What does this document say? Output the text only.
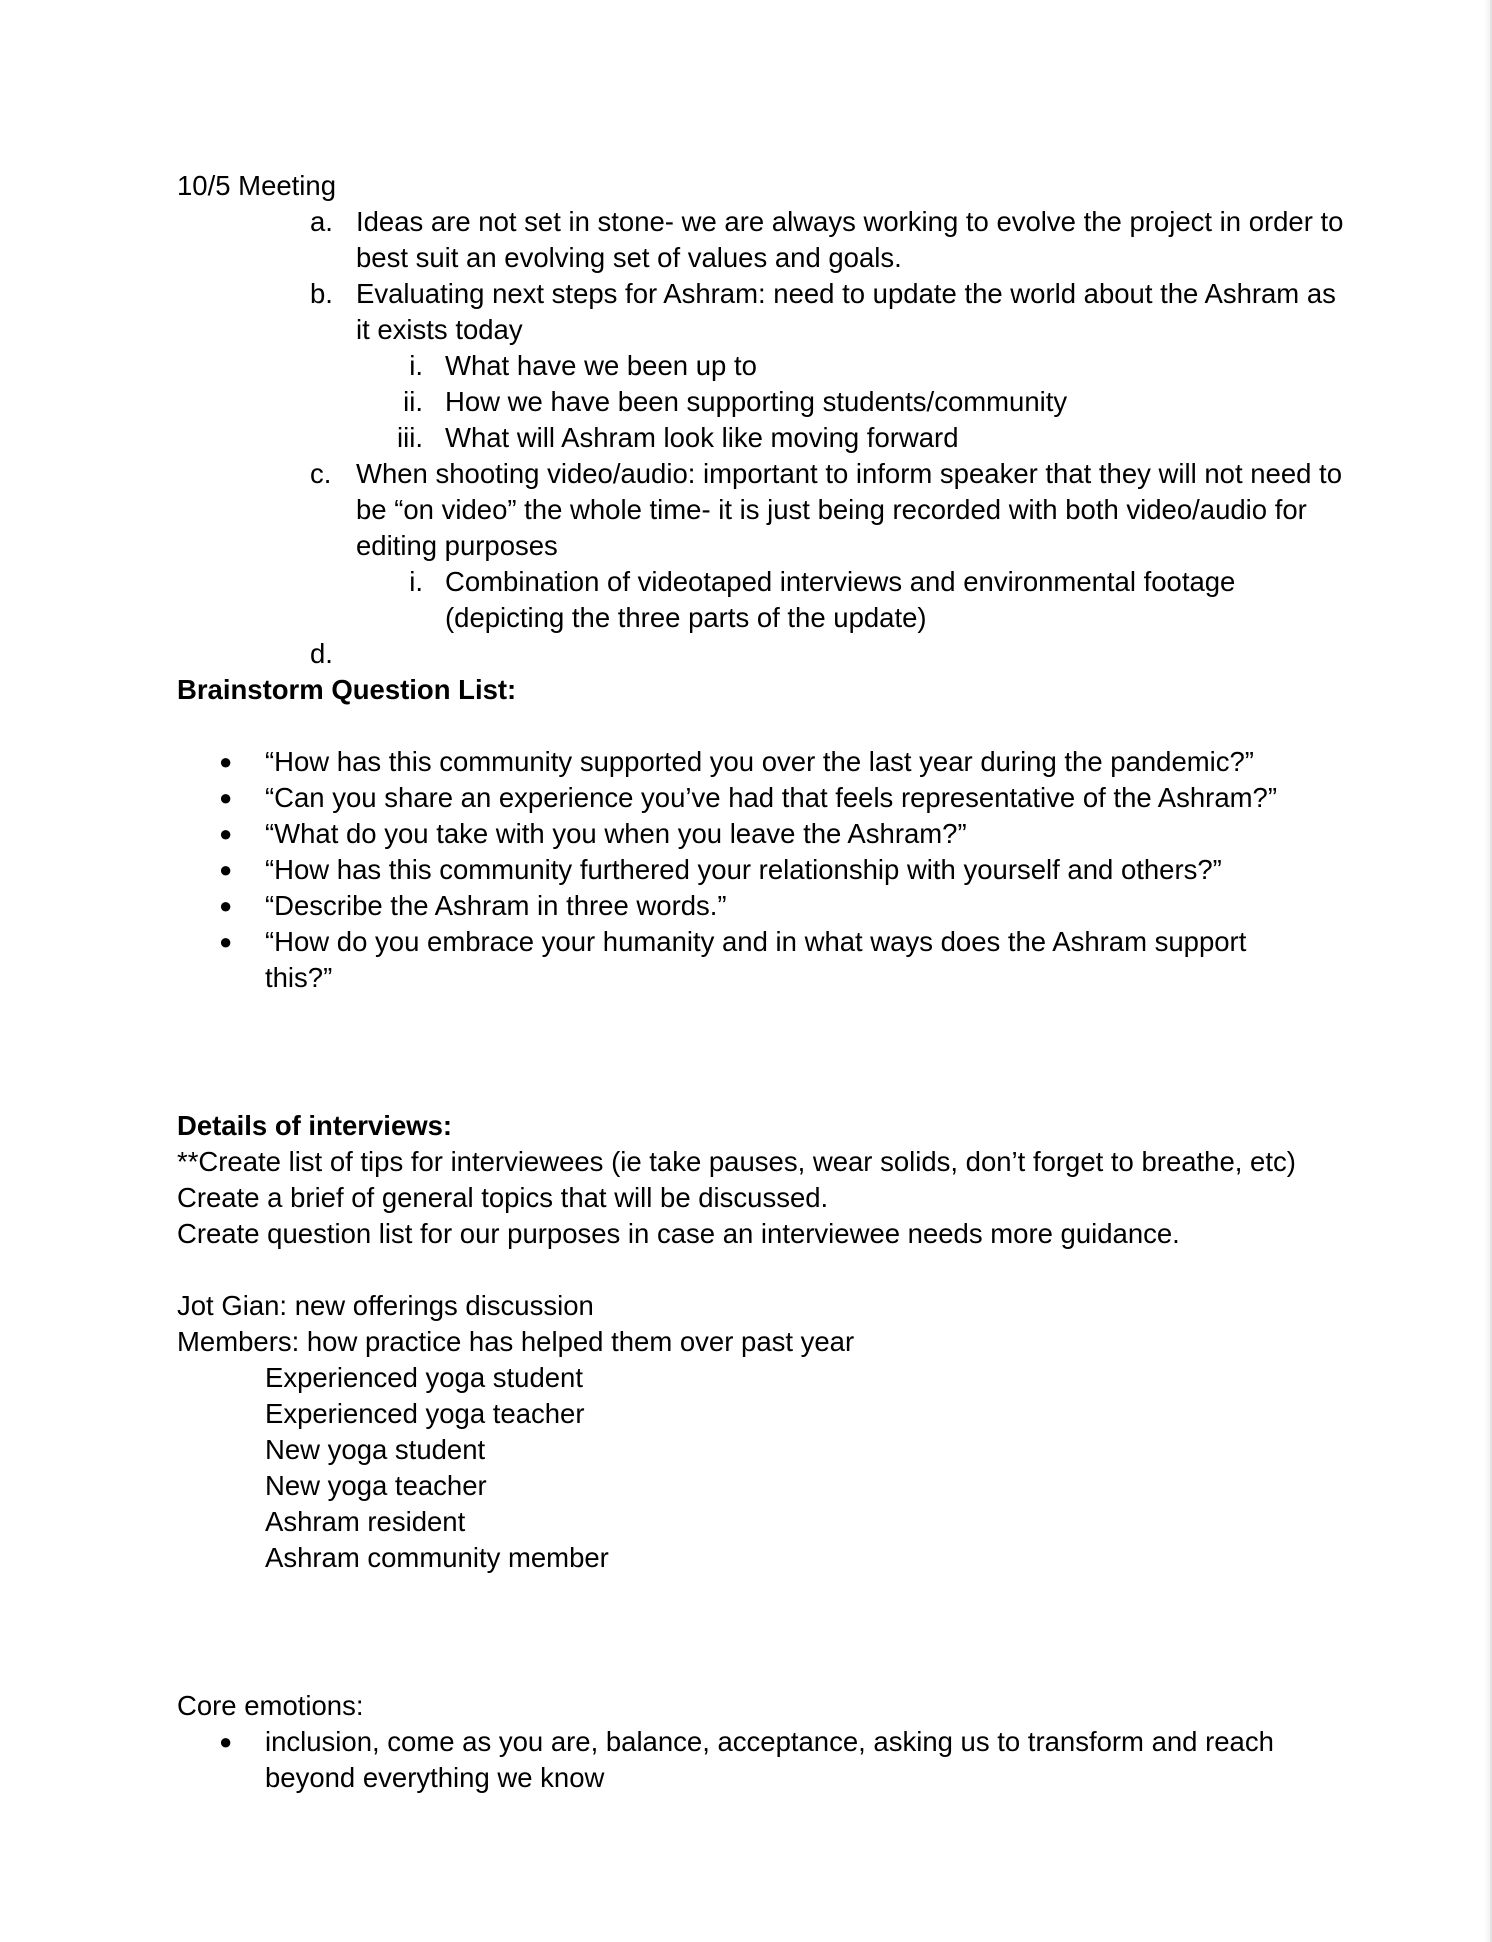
10/5 Meeting

a. Ideas are not set in stone- we are always working to evolve the project in order to best suit an evolving set of values and goals.
b. Evaluating next steps for Ashram: need to update the world about the Ashram as it exists today
i. What have we been up to
ii. How we have been supporting students/community
iii. What will Ashram look like moving forward
c. When shooting video/audio: important to inform speaker that they will not need to be “on video” the whole time- it is just being recorded with both video/audio for editing purposes
i. Combination of videotaped interviews and environmental footage (depicting the three parts of the update)
d.

Brainstorm Question List:

● “How has this community supported you over the last year during the pandemic?”
● “Can you share an experience you’ve had that feels representative of the Ashram?”
● “What do you take with you when you leave the Ashram?”
● “How has this community furthered your relationship with yourself and others?”
● “Describe the Ashram in three words.”
● “How do you embrace your humanity and in what ways does the Ashram support this?”

Details of interviews:

**Create list of tips for interviewees (ie take pauses, wear solids, don’t forget to breathe, etc)

Create a brief of general topics that will be discussed.

Create question list for our purposes in case an interviewee needs more guidance.

Jot Gian: new offerings discussion

Members: how practice has helped them over past year

Experienced yoga student

Experienced yoga teacher

New yoga student

New yoga teacher

Ashram resident

Ashram community member

Core emotions:

● inclusion, come as you are, balance, acceptance, asking us to transform and reach beyond everything we know
